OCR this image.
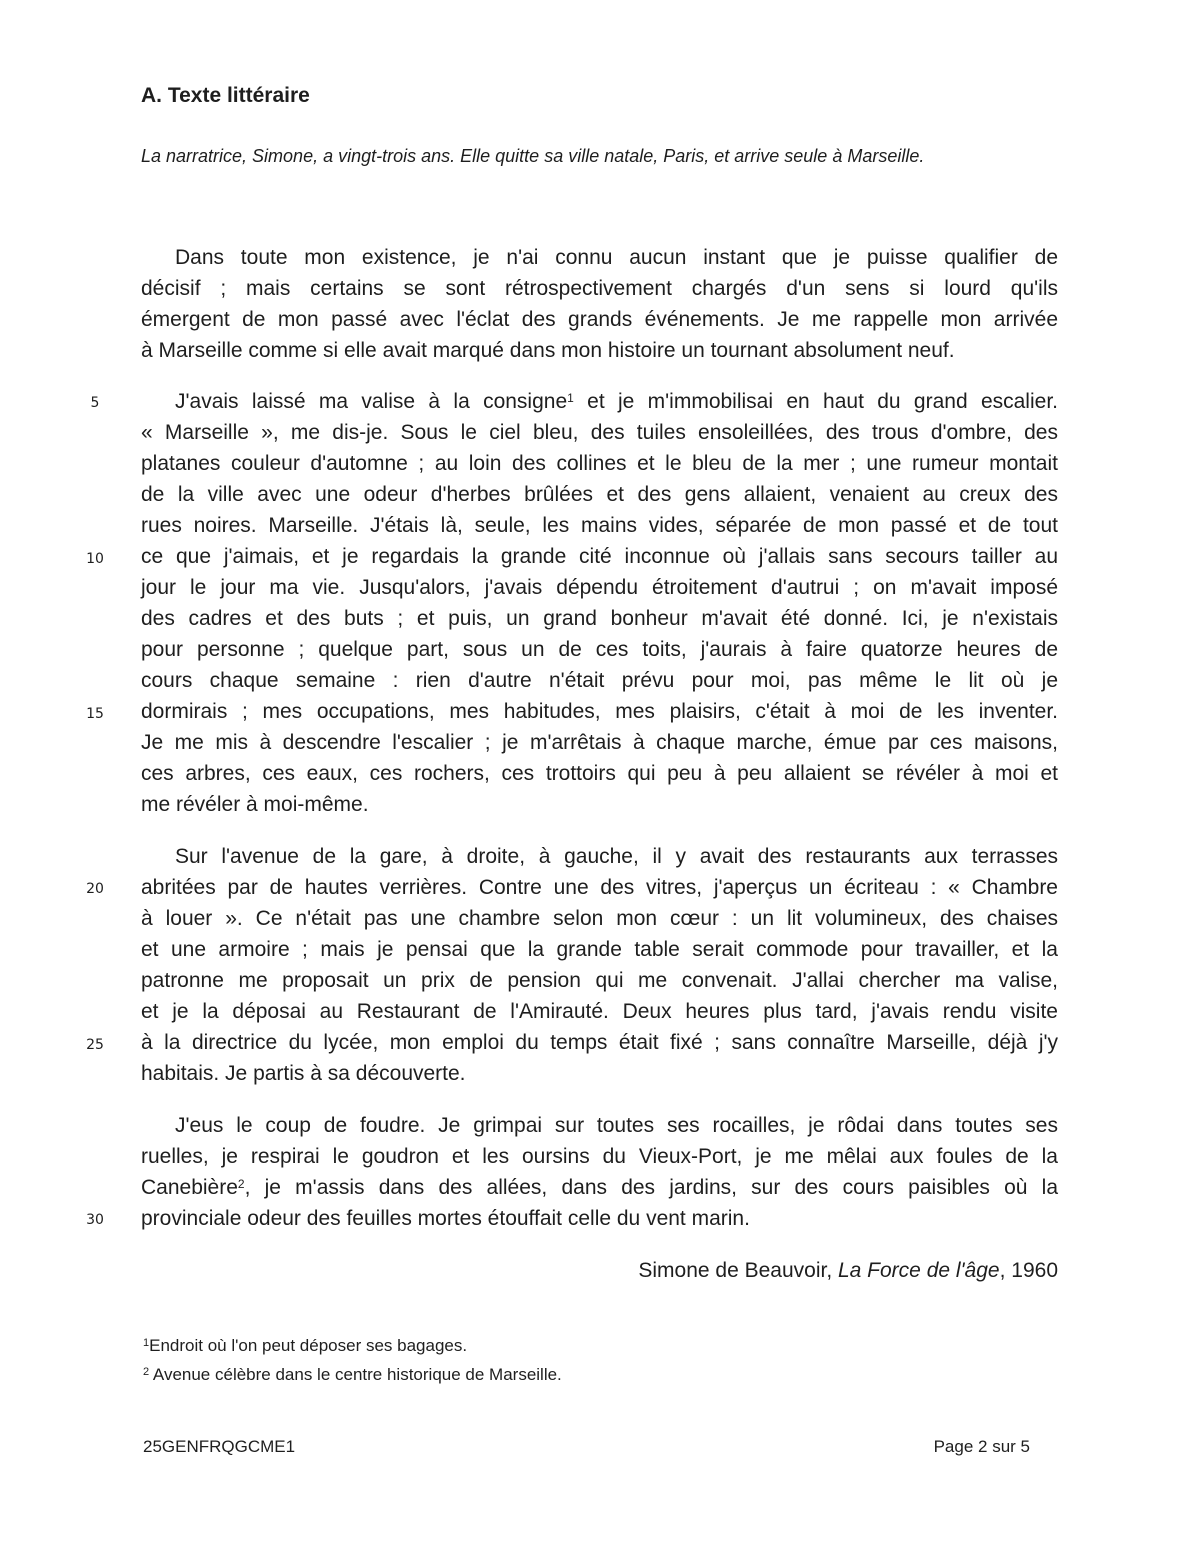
A. Texte littéraire

La narratrice, Simone, a vingt-trois ans. Elle quitte sa ville natale, Paris, et arrive seule à Marseille.

Dans toute mon existence, je n'ai connu aucun instant que je puisse qualifier de
décisif ; mais certains se sont rétrospectivement chargés d'un sens si lourd qu'ils
émergent de mon passé avec l'éclat des grands événements. Je me rappelle mon arrivée
à Marseille comme si elle avait marqué dans mon histoire un tournant absolument neuf.
J'avais laissé ma valise à la consigne$^1$ et je m'immobilisai en haut du grand escalier.
« Marseille », me dis-je. Sous le ciel bleu, des tuiles ensoleillées, des trous d'ombre, des
platanes couleur d'automne ; au loin des collines et le bleu de la mer ; une rumeur montait
de la ville avec une odeur d'herbes brûlées et des gens allaient, venaient au creux des
rues noires. Marseille. J'étais là, seule, les mains vides, séparée de mon passé et de tout
ce que j'aimais, et je regardais la grande cité inconnue où j'allais sans secours tailler au
jour le jour ma vie. Jusqu'alors, j'avais dépendu étroitement d'autrui ; on m'avait imposé
des cadres et des buts ; et puis, un grand bonheur m'avait été donné. Ici, je n'existais
pour personne ; quelque part, sous un de ces toits, j'aurais à faire quatorze heures de
cours chaque semaine : rien d'autre n'était prévu pour moi, pas même le lit où je
dormirais ; mes occupations, mes habitudes, mes plaisirs, c'était à moi de les inventer.
Je me mis à descendre l'escalier ; je m'arrêtais à chaque marche, émue par ces maisons,
ces arbres, ces eaux, ces rochers, ces trottoirs qui peu à peu allaient se révéler à moi et
me révéler à moi-même.
Sur l'avenue de la gare, à droite, à gauche, il y avait des restaurants aux terrasses
abritées par de hautes verrières. Contre une des vitres, j'aperçus un écriteau : « Chambre
à louer ». Ce n'était pas une chambre selon mon cœur : un lit volumineux, des chaises
et une armoire ; mais je pensai que la grande table serait commode pour travailler, et la
patronne me proposait un prix de pension qui me convenait. J'allai chercher ma valise,
et je la déposai au Restaurant de l'Amirauté. Deux heures plus tard, j'avais rendu visite
à la directrice du lycée, mon emploi du temps était fixé ; sans connaître Marseille, déjà j'y
habitais. Je partis à sa découverte.
J'eus le coup de foudre. Je grimpai sur toutes ses rocailles, je rôdai dans toutes ses
ruelles, je respirai le goudron et les oursins du Vieux-Port, je me mêlai aux foules de la
Canebière$^2$, je m'assis dans des allées, dans des jardins, sur des cours paisibles où la
provinciale odeur des feuilles mortes étouffait celle du vent marin.
5
10
15
20
25
30
Simone de Beauvoir, La Force de l'âge, 1960
$^1$Endroit où l'on peut déposer ses bagages.
$^2$ Avenue célèbre dans le centre historique de Marseille.
25GENFRQGCME1	Page 2 sur 5
